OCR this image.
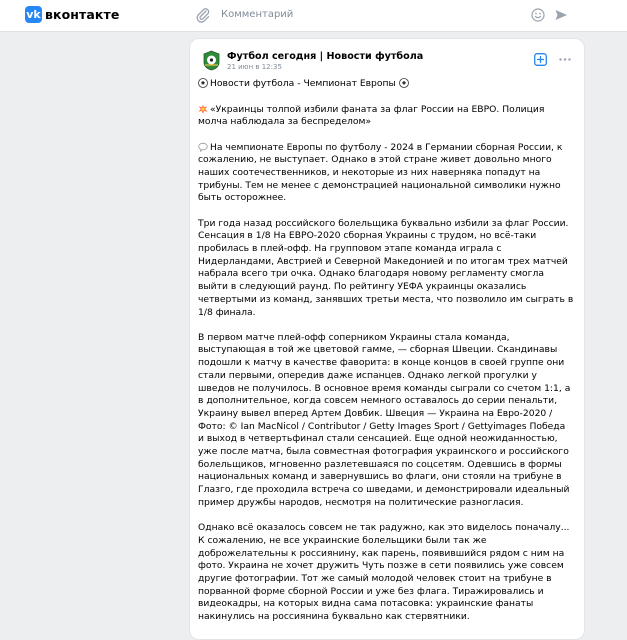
vk вконтакте	Комментарий
Футбол сегодня | Новости футбола
21 июн в 12:35

Новости футбола - Чемпионат Европы

«Украинцы толпой избили фаната за флаг России на ЕВРО. Полиция молча наблюдала за беспределом»

На чемпионате Европы по футболу - 2024 в Германии сборная России, к сожалению, не выступает. Однако в этой стране живет довольно много наших соотечественников, и некоторые из них наверняка попадут на трибуны. Тем не менее с демонстрацией национальной символики нужно быть осторожнее.

Три года назад российского болельщика буквально избили за флаг России. Сенсация в 1/8 На ЕВРО-2020 сборная Украины с трудом, но всё-таки пробилась в плей-офф. На групповом этапе команда играла с Нидерландами, Австрией и Северной Македонией и по итогам трех матчей набрала всего три очка. Однако благодаря новому регламенту смогла выйти в следующий раунд. По рейтингу УЕФА украинцы оказались четвертыми из команд, занявших третьи места, что позволило им сыграть в 1/8 финала.

В первом матче плей-офф соперником Украины стала команда, выступающая в той же цветовой гамме, — сборная Швеции. Скандинавы подошли к матчу в качестве фаворита: в конце концов в своей группе они стали первыми, опередив даже испанцев. Однако легкой прогулки у шведов не получилось. В основное время команды сыграли со счетом 1:1, а в дополнительное, когда совсем немного оставалось до серии пенальти, Украину вывел вперед Артем Довбик. Швеция — Украина на Евро-2020 / Фото: © Ian MacNicol / Contributor / Getty Images Sport / Gettyimages Победа и выход в четвертьфинал стали сенсацией. Еще одной неожиданностью, уже после матча, была совместная фотография украинского и российского болельщиков, мгновенно разлетевшаяся по соцсетям. Одевшись в формы национальных команд и завернувшись во флаги, они стояли на трибуне в Глазго, где проходила встреча со шведами, и демонстрировали идеальный пример дружбы народов, несмотря на политические разногласия.

Однако всё оказалось совсем не так радужно, как это виделось поначалу... К сожалению, не все украинские болельщики были так же доброжелательны к россиянину, как парень, появившийся рядом с ним на фото. Украина не хочет дружить Чуть позже в сети появились уже совсем другие фотографии. Тот же самый молодой человек стоит на трибуне в порванной форме сборной России и уже без флага. Тиражировались и видеокадры, на которых видна сама потасовка: украинские фанаты накинулись на россиянина буквально как стервятники.
